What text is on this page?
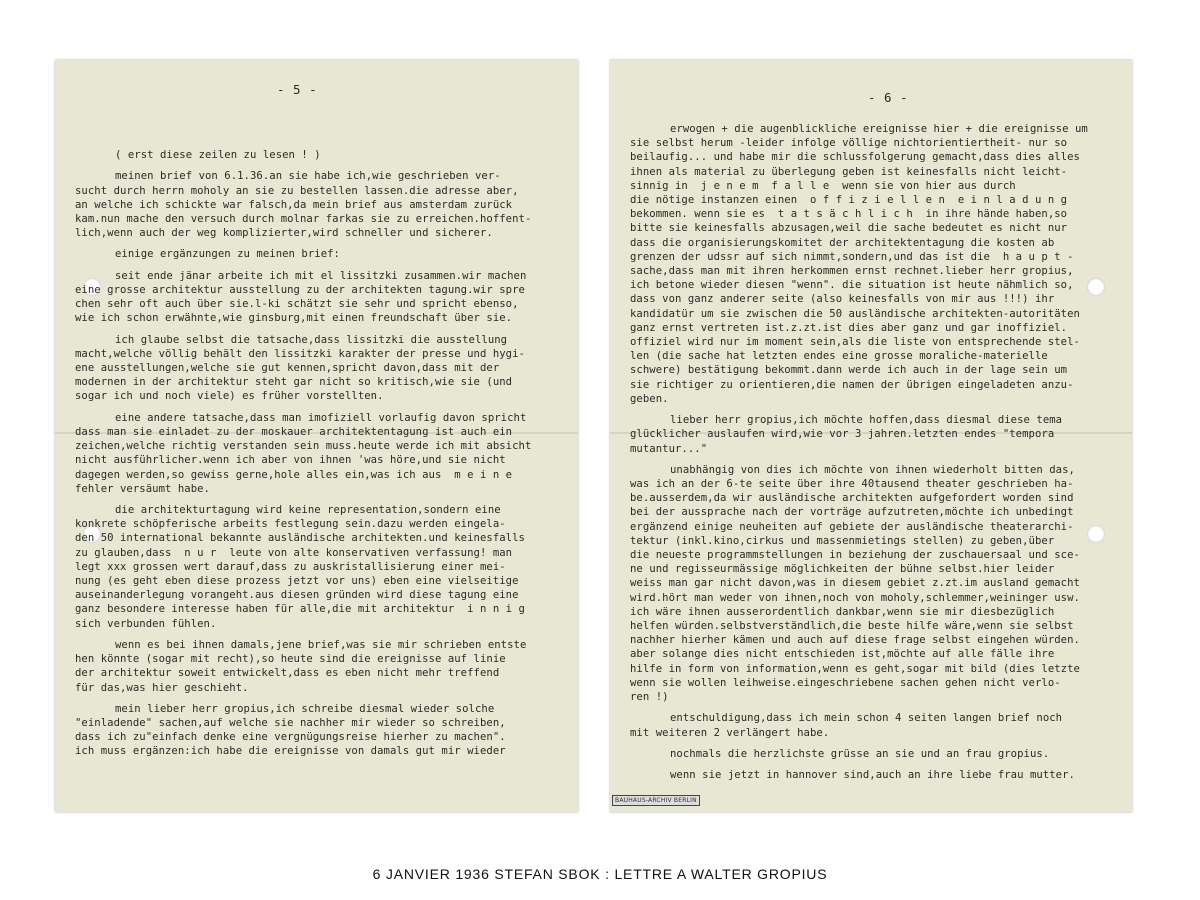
- 5 -
( erst diese zeilen zu lesen ! )
meinen brief von 6.1.36.an sie habe ich,wie geschrieben ver-
sucht durch herrn moholy an sie zu bestellen lassen.die adresse aber,
an welche ich schickte war falsch,da mein brief aus amsterdam zurück
kam.nun mache den versuch durch molnar farkas sie zu erreichen.hoffent-
lich,wenn auch der weg komplizierter,wird schneller und sicherer.
einige ergänzungen zu meinen brief:
seit ende jänar arbeite ich mit el lissitzki zusammen.wir machen
eine grosse architektur ausstellung zu der architekten tagung.wir spre
chen sehr oft auch über sie.l-ki schätzt sie sehr und spricht ebenso,
wie ich schon erwähnte,wie ginsburg,mit einen freundschaft über sie.
ich glaube selbst die tatsache,dass lissitzki die ausstellung
macht,welche völlig behält den lissitzki karakter der presse und hygi-
ene ausstellungen,welche sie gut kennen,spricht davon,dass mit der
modernen in der architektur steht gar nicht so kritisch,wie sie (und
sogar ich und noch viele) es früher vorstellten.
eine andere tatsache,dass man imofiziell vorlaufig davon spricht
dass man sie einladet zu der moskauer architektentagung ist auch ein
zeichen,welche richtig verstanden sein muss.heute werde ich mit absicht
nicht ausführlicher.wenn ich aber von ihnen 'was höre,und sie nicht
dagegen werden,so gewiss gerne,hole alles ein,was ich aus  m e i n e
fehler versäumt habe.
die architekturtagung wird keine representation,sondern eine
konkrete schöpferische arbeits festlegung sein.dazu werden eingela-
den 50 international bekannte ausländische architekten.und keinesfalls
zu glauben,dass  n u r  leute von alte konservativen verfassung! man
legt xxx grossen wert darauf,dass zu auskristallisierung einer mei-
nung (es geht eben diese prozess jetzt vor uns) eben eine vielseitige
auseinanderlegung vorangeht.aus diesen gründen wird diese tagung eine
ganz besondere interesse haben für alle,die mit architektur  i n n i g
sich verbunden fühlen.
wenn es bei ihnen damals,jene brief,was sie mir schrieben entste
hen könnte (sogar mit recht),so heute sind die ereignisse auf linie
der architektur soweit entwickelt,dass es eben nicht mehr treffend
für das,was hier geschieht.
mein lieber herr gropius,ich schreibe diesmal wieder solche
"einladende" sachen,auf welche sie nachher mir wieder so schreiben,
dass ich zu"einfach denke eine vergnügungsreise hierher zu machen".
ich muss ergänzen:ich habe die ereignisse von damals gut mir wieder
- 6 -
erwogen + die augenblickliche ereignisse hier + die ereignisse um
sie selbst herum -leider infolge völlige nichtorientiertheit- nur so
beilaufig... und habe mir die schlussfolgerung gemacht,dass dies alles
ihnen als material zu überlegung geben ist keinesfalls nicht leicht-
sinnig in  j e n e m  f a l l e  wenn sie von hier aus durch
die nötige instanzen einen  o f f i z i e l l e n  e i n l a d u n g
bekommen. wenn sie es  t a t s ä c h l i c h  in ihre hände haben,so
bitte sie keinesfalls abzusagen,weil die sache bedeutet es nicht nur
dass die organisierungskomitet der architektentagung die kosten ab
grenzen der udssr auf sich nimmt,sondern,und das ist die  h a u p t -
sache,dass man mit ihren herkommen ernst rechnet.lieber herr gropius,
ich betone wieder diesen "wenn". die situation ist heute nähmlich so,
dass von ganz anderer seite (also keinesfalls von mir aus !!!) ihr
kandidatür um sie zwischen die 50 ausländische architekten-autoritäten
ganz ernst vertreten ist.z.zt.ist dies aber ganz und gar inoffiziel.
offiziel wird nur im moment sein,als die liste von entsprechende stel-
len (die sache hat letzten endes eine grosse moraliche-materielle
schwere) bestätigung bekommt.dann werde ich auch in der lage sein um
sie richtiger zu orientieren,die namen der übrigen eingeladeten anzu-
geben.
lieber herr gropius,ich möchte hoffen,dass diesmal diese tema
glücklicher auslaufen wird,wie vor 3 jahren.letzten endes "tempora
mutantur..."
unabhängig von dies ich möchte von ihnen wiederholt bitten das,
was ich an der 6-te seite über ihre 40tausend theater geschrieben ha-
be.ausserdem,da wir ausländische architekten aufgefordert worden sind
bei der aussprache nach der vorträge aufzutreten,möchte ich unbedingt
ergänzend einige neuheiten auf gebiete der ausländische theaterarchi-
tektur (inkl.kino,cirkus und massenmietings stellen) zu geben,über
die neueste programmstellungen in beziehung der zuschauersaal und sce-
ne und regisseurmässige möglichkeiten der bühne selbst.hier leider
weiss man gar nicht davon,was in diesem gebiet z.zt.im ausland gemacht
wird.hört man weder von ihnen,noch von moholy,schlemmer,weininger usw.
ich wäre ihnen ausserordentlich dankbar,wenn sie mir diesbezüglich
helfen würden.selbstverständlich,die beste hilfe wäre,wenn sie selbst
nachher hierher kämen und auch auf diese frage selbst eingehen würden.
aber solange dies nicht entschieden ist,möchte auf alle fälle ihre
hilfe in form von information,wenn es geht,sogar mit bild (dies letzte
wenn sie wollen leihweise.eingeschriebene sachen gehen nicht verlo-
ren !)
entschuldigung,dass ich mein schon 4 seiten langen brief noch
mit weiteren 2 verlängert habe.
nochmals die herzlichste grüsse an sie und an frau gropius.
wenn sie jetzt in hannover sind,auch an ihre liebe frau mutter.
BAUHAUS-ARCHIV BERLIN
6 JANVIER 1936 STEFAN SBOK : LETTRE A WALTER GROPIUS
